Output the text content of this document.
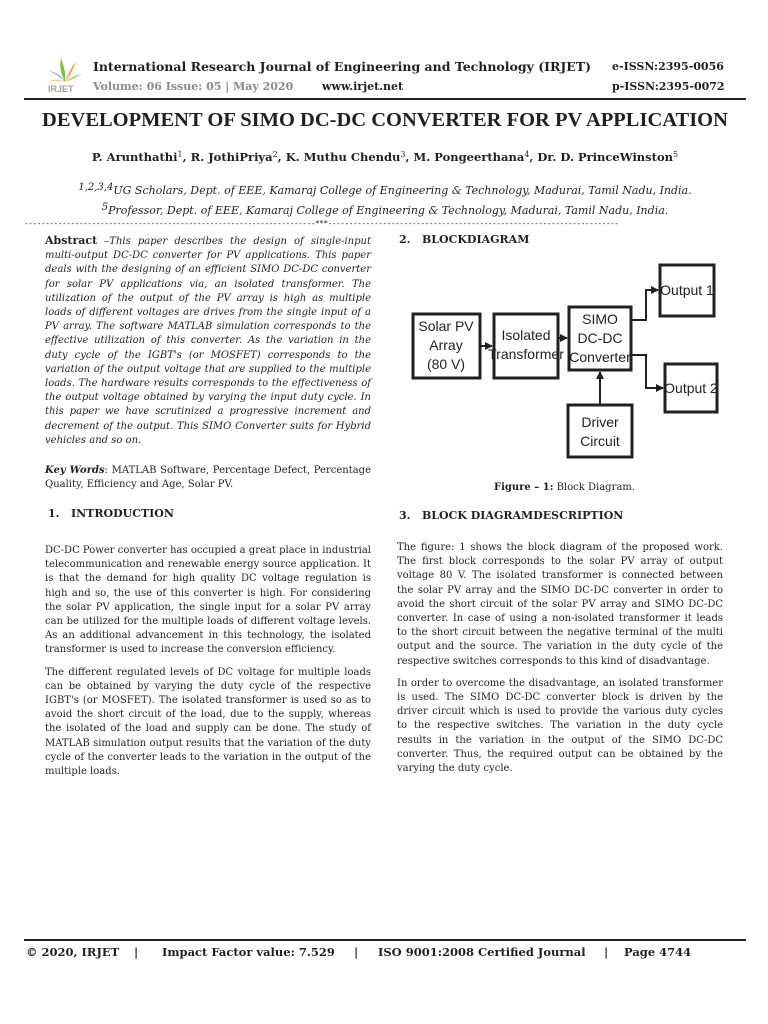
IRJET
International Research Journal of Engineering and Technology (IRJET)
Volume: 06 Issue: 05 | May 2020	www.irjet.net
e-ISSN:2395-0056
p-ISSN:2395-0072
DEVELOPMENT OF SIMO DC-DC CONVERTER FOR PV APPLICATION
P. Arunthathi$^1$, R. JothiPriya$^2$, K. Muthu Chendu$^3$, M. Pongeerthana$^4$, Dr. D. PrinceWinston$^5$
1,2,3,4UG Scholars, Dept. of EEE, Kamaraj College of Engineering & Technology, Madurai, Tamil Nadu, India.
5Professor, Dept. of EEE, Kamaraj College of Engineering & Technology, Madurai, Tamil Nadu, India.
---------------------------------------------------------------------***---------------------------------------------------------------------
Abstract –This paper describes the design of single-input multi-output DC-DC converter for PV applications. This paper deals with the designing of an efficient SIMO DC-DC converter for solar PV applications via, an isolated transformer. The utilization of the output of the PV array is high as multiple loads of different voltages are drives from the single input of a PV array. The software MATLAB simulation corresponds to the effective utilization of this converter. As the variation in the duty cycle of the IGBT's (or MOSFET) corresponds to the variation of the output voltage that are supplied to the multiple loads. The hardware results corresponds to the effectiveness of the output voltage obtained by varying the input duty cycle. In this paper we have scrutinized a progressive increment and decrement of the output. This SIMO Converter suits for Hybrid vehicles and so on.
Key Words: MATLAB Software, Percentage Defect, Percentage Quality, Efficiency and Age, Solar PV.
1.   INTRODUCTION

DC-DC Power converter has occupied a great place in industrial telecommunication and renewable energy source application. It is that the demand for high quality DC voltage regulation is high and so, the use of this converter is high. For considering the solar PV application, the single input for a solar PV array can be utilized for the multiple loads of different voltage levels. As an additional advancement in this technology, the isolated transformer is used to increase the conversion efficiency.

The different regulated levels of DC voltage for multiple loads can be obtained by varying the duty cycle of the respective IGBT's (or MOSFET). The isolated transformer is used so as to avoid the short circuit of the load, due to the supply, whereas the isolated of the load and supply can be done. The study of MATLAB simulation output results that the variation of the duty cycle of the converter leads to the variation in the output of the multiple loads.

2.   BLOCKDIAGRAM
Solar PV
Array
(80 V)
Isolated
Transformer
SIMO
DC-DC
Converter
Driver
Circuit
Output 1
Output 2
Figure – 1: Block Diagram.
3.   BLOCK DIAGRAMDESCRIPTION

The figure: 1 shows the block diagram of the proposed work. The first block corresponds to the solar PV array of output voltage 80 V. The isolated transformer is connected between the solar PV array and the SIMO DC-DC converter in order to avoid the short circuit of the solar PV array and SIMO DC-DC converter. In case of using a non-isolated transformer it leads to the short circuit between the negative terminal of the multi output and the source. The variation in the duty cycle of the respective switches corresponds to this kind of disadvantage.

In order to overcome the disadvantage, an isolated transformer is used. The SIMO DC-DC converter block is driven by the driver circuit which is used to provide the various duty cycles to the respective switches. The variation in the duty cycle results in the variation in the output of the SIMO DC-DC converter. Thus, the required output can be obtained by the varying the duty cycle.

© 2020, IRJET | Impact Factor value: 7.529 | ISO 9001:2008 Certified Journal | Page 4744
